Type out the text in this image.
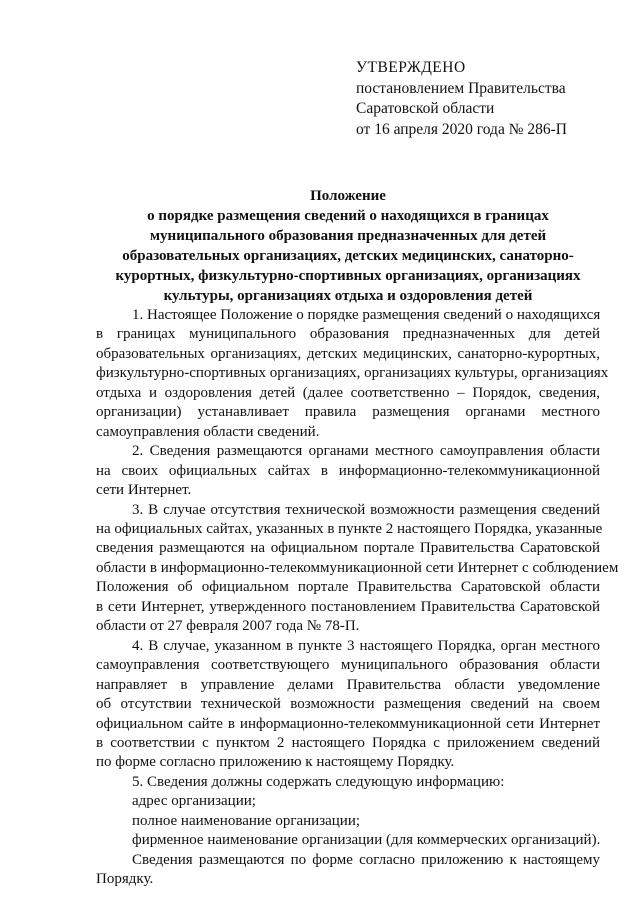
УТВЕРЖДЕНО
постановлением Правительства
Саратовской области
от 16 апреля 2020 года № 286-П
Положение
о порядке размещения сведений о находящихся в границах
муниципального образования предназначенных для детей
образовательных организациях, детских медицинских, санаторно-
курортных, физкультурно-спортивных организациях, организациях
культуры, организациях отдыха и оздоровления детей
1. Настоящее Положение о порядке размещения сведений о находящихся
в границах муниципального образования предназначенных для детей
образовательных организациях, детских медицинских, санаторно-курортных,
физкультурно-спортивных организациях, организациях культуры, организациях
отдыха и оздоровления детей (далее соответственно – Порядок, сведения,
организации) устанавливает правила размещения органами местного
самоуправления области сведений.
2. Сведения размещаются органами местного самоуправления области
на своих официальных сайтах в информационно-телекоммуникационной
сети Интернет.
3. В случае отсутствия технической возможности размещения сведений
на официальных сайтах, указанных в пункте 2 настоящего Порядка, указанные
сведения размещаются на официальном портале Правительства Саратовской
области в информационно-телекоммуникационной сети Интернет с соблюдением
Положения об официальном портале Правительства Саратовской области
в сети Интернет, утвержденного постановлением Правительства Саратовской
области от 27 февраля 2007 года № 78-П.
4. В случае, указанном в пункте 3 настоящего Порядка, орган местного
самоуправления соответствующего муниципального образования области
направляет в управление делами Правительства области уведомление
об отсутствии технической возможности размещения сведений на своем
официальном сайте в информационно-телекоммуникационной сети Интернет
в соответствии с пунктом 2 настоящего Порядка с приложением сведений
по форме согласно приложению к настоящему Порядку.
5. Сведения должны содержать следующую информацию:
адрес организации;
полное наименование организации;
фирменное наименование организации (для коммерческих организаций).
Сведения размещаются по форме согласно приложению к настоящему
Порядку.
